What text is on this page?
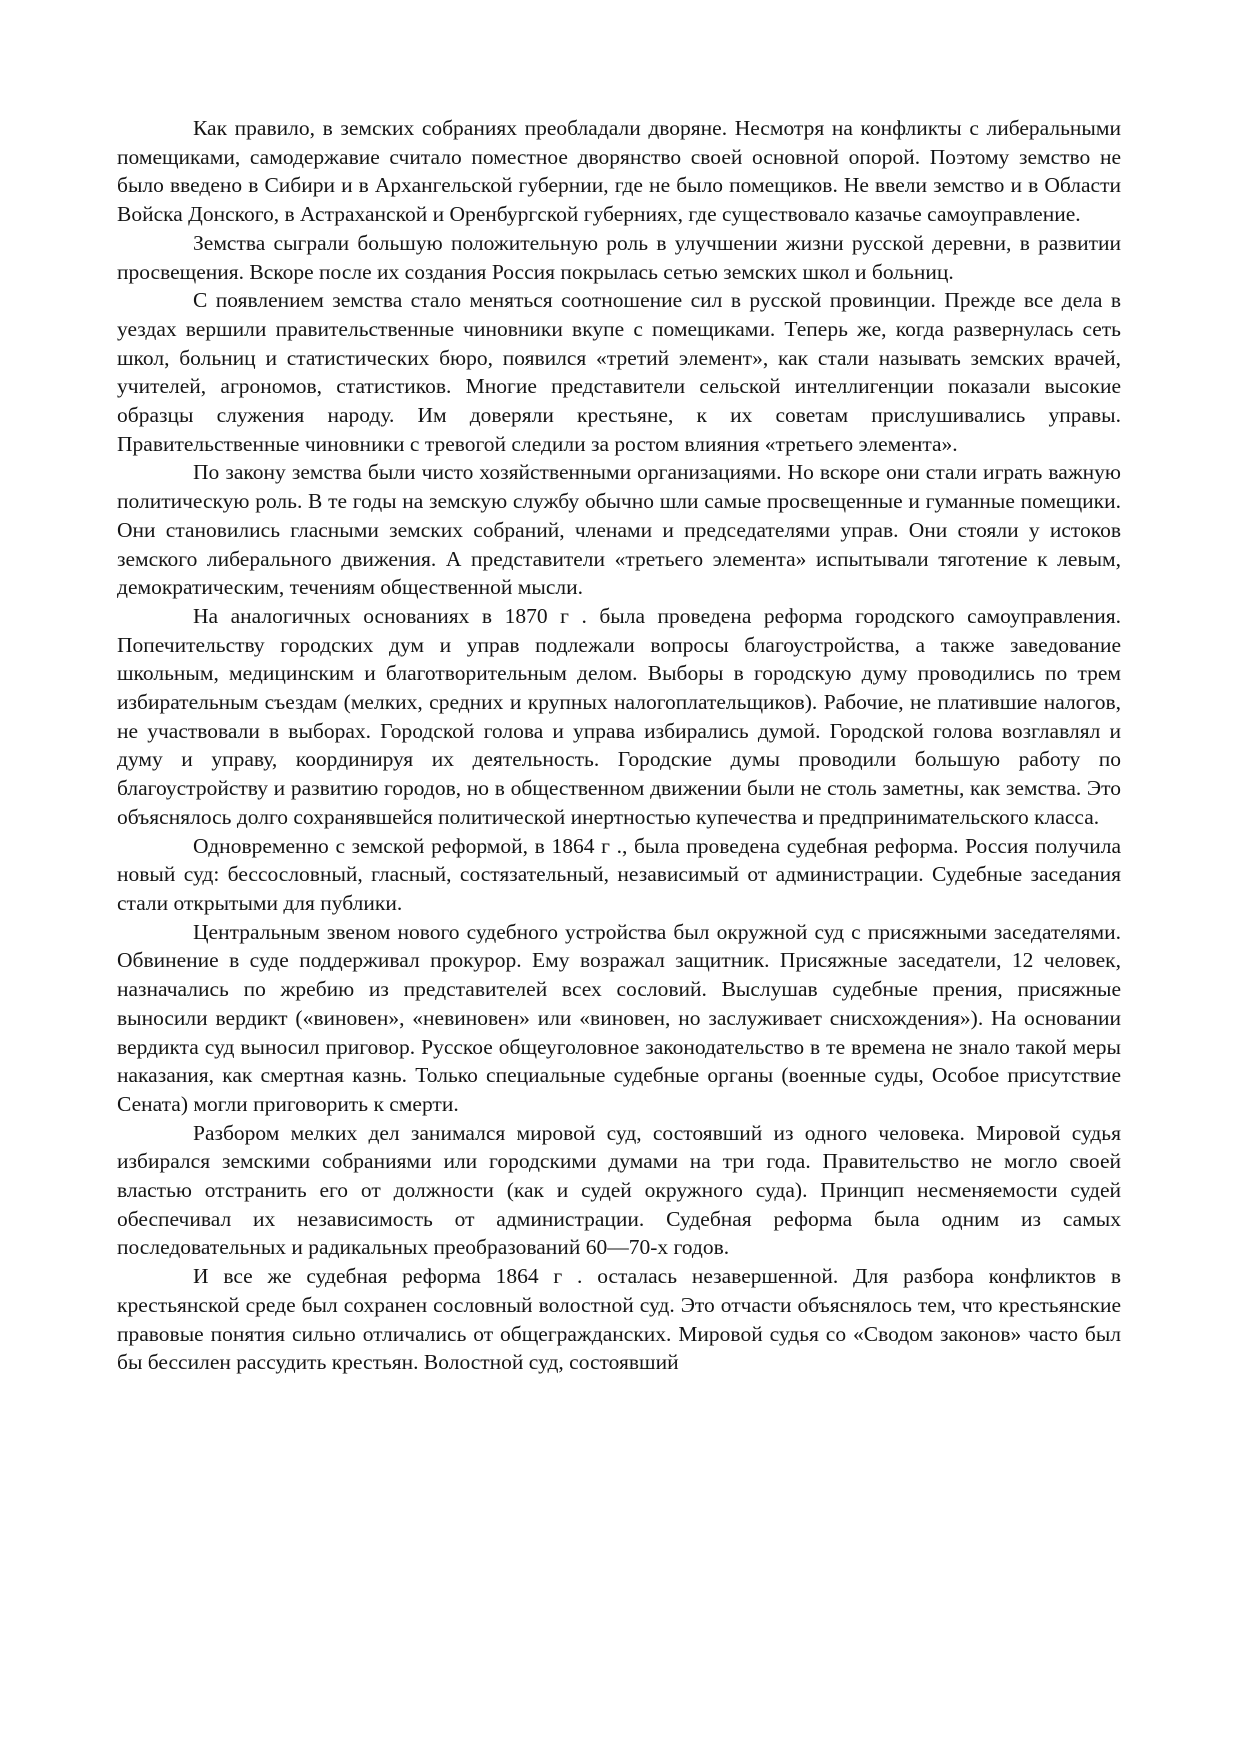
Как правило, в земских собраниях преобладали дворяне. Несмотря на конфликты с либеральными помещиками, самодержавие считало поместное дворянство своей основной опорой. Поэтому земство не было введено в Сибири и в Архангельской губернии, где не было помещиков. Не ввели земство и в Области Войска Донского, в Астраханской и Оренбургской губерниях, где существовало казачье самоуправление.

Земства сыграли большую положительную роль в улучшении жизни русской деревни, в развитии просвещения. Вскоре после их создания Россия покрылась сетью земских школ и больниц.

С появлением земства стало меняться соотношение сил в русской провинции. Прежде все дела в уездах вершили правительственные чиновники вкупе с помещиками. Теперь же, когда развернулась сеть школ, больниц и статистических бюро, появился «третий элемент», как стали называть земских врачей, учителей, агрономов, статистиков. Многие представители сельской интеллигенции показали высокие образцы служения народу. Им доверяли крестьяне, к их советам прислушивались управы. Правительственные чиновники с тревогой следили за ростом влияния «третьего элемента».

По закону земства были чисто хозяйственными организациями. Но вскоре они стали играть важную политическую роль. В те годы на земскую службу обычно шли самые просвещенные и гуманные помещики. Они становились гласными земских собраний, членами и председателями управ. Они стояли у истоков земского либерального движения. А представители «третьего элемента» испытывали тяготение к левым, демократическим, течениям общественной мысли.

На аналогичных основаниях в 1870 г . была проведена реформа городского самоуправления. Попечительству городских дум и управ подлежали вопросы благоустройства, а также заведование школьным, медицинским и благотворительным делом. Выборы в городскую думу проводились по трем избирательным съездам (мелких, средних и крупных налогоплательщиков). Рабочие, не платившие налогов, не участвовали в выборах. Городской голова и управа избирались думой. Городской голова возглавлял и думу и управу, координируя их деятельность. Городские думы проводили большую работу по благоустройству и развитию городов, но в общественном движении были не столь заметны, как земства. Это объяснялось долго сохранявшейся политической инертностью купечества и предпринимательского класса.

Одновременно с земской реформой, в 1864 г ., была проведена судебная реформа. Россия получила новый суд: бессословный, гласный, состязательный, независимый от администрации. Судебные заседания стали открытыми для публики.

Центральным звеном нового судебного устройства был окружной суд с присяжными заседателями. Обвинение в суде поддерживал прокурор. Ему возражал защитник. Присяжные заседатели, 12 человек, назначались по жребию из представителей всех сословий. Выслушав судебные прения, присяжные выносили вердикт («виновен», «невиновен» или «виновен, но заслуживает снисхождения»). На основании вердикта суд выносил приговор. Русское общеуголовное законодательство в те времена не знало такой меры наказания, как смертная казнь. Только специальные судебные органы (военные суды, Особое присутствие Сената) могли приговорить к смерти.

Разбором мелких дел занимался мировой суд, состоявший из одного человека. Мировой судья избирался земскими собраниями или городскими думами на три года. Правительство не могло своей властью отстранить его от должности (как и судей окружного суда). Принцип несменяемости судей обеспечивал их независимость от администрации. Судебная реформа была одним из самых последовательных и радикальных преобразований 60—70-х годов.

И все же судебная реформа 1864 г . осталась незавершенной. Для разбора конфликтов в крестьянской среде был сохранен сословный волостной суд. Это отчасти объяснялось тем, что крестьянские правовые понятия сильно отличались от общегражданских. Мировой судья со «Сводом законов» часто был бы бессилен рассудить крестьян. Волостной суд, состоявший
